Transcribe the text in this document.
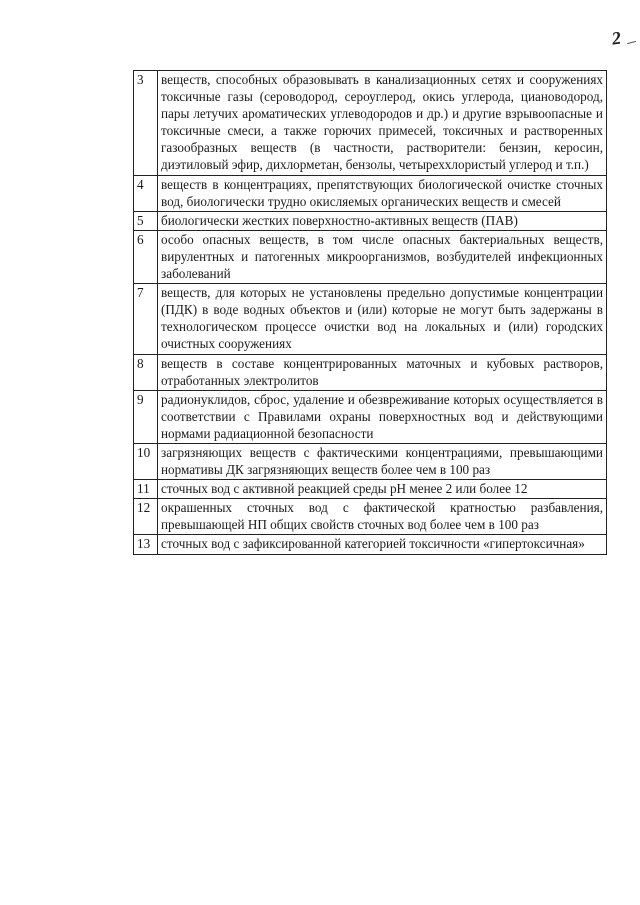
2
3	веществ, способных образовывать в канализационных сетях и сооружениях токсичные газы (сероводород, сероуглерод, окись углерода, циановодород, пары летучих ароматических углеводородов и др.) и другие взрывоопасные и токсичные смеси, а также горючих примесей, токсичных и растворенных газообразных веществ (в частности, растворители: бензин, керосин, диэтиловый эфир, дихлорметан, бензолы, четыреххлористый углерод и т.п.)
4	веществ в концентрациях, препятствующих биологической очистке сточных вод, биологически трудно окисляемых органических веществ и смесей
5	биологически жестких поверхностно-активных веществ (ПАВ)
6	особо опасных веществ, в том числе опасных бактериальных веществ, вирулентных и патогенных микроорганизмов, возбудителей инфекционных заболеваний
7	веществ, для которых не установлены предельно допустимые концентрации (ПДК) в воде водных объектов и (или) которые не могут быть задержаны в технологическом процессе очистки вод на локальных и (или) городских очистных сооружениях
8	веществ в составе концентрированных маточных и кубовых растворов, отработанных электролитов
9	радионуклидов, сброс, удаление и обезвреживание которых осуществляется в соответствии с Правилами охраны поверхностных вод и действующими нормами радиационной безопасности
10	загрязняющих веществ с фактическими концентрациями, превышающими нормативы ДК загрязняющих веществ более чем в 100 раз
11	сточных вод с активной реакцией среды pH менее 2 или более 12
12	окрашенных сточных вод с фактической кратностью разбавления, превышающей НП общих свойств сточных вод более чем в 100 раз
13	сточных вод с зафиксированной категорией токсичности «гипертоксичная»
